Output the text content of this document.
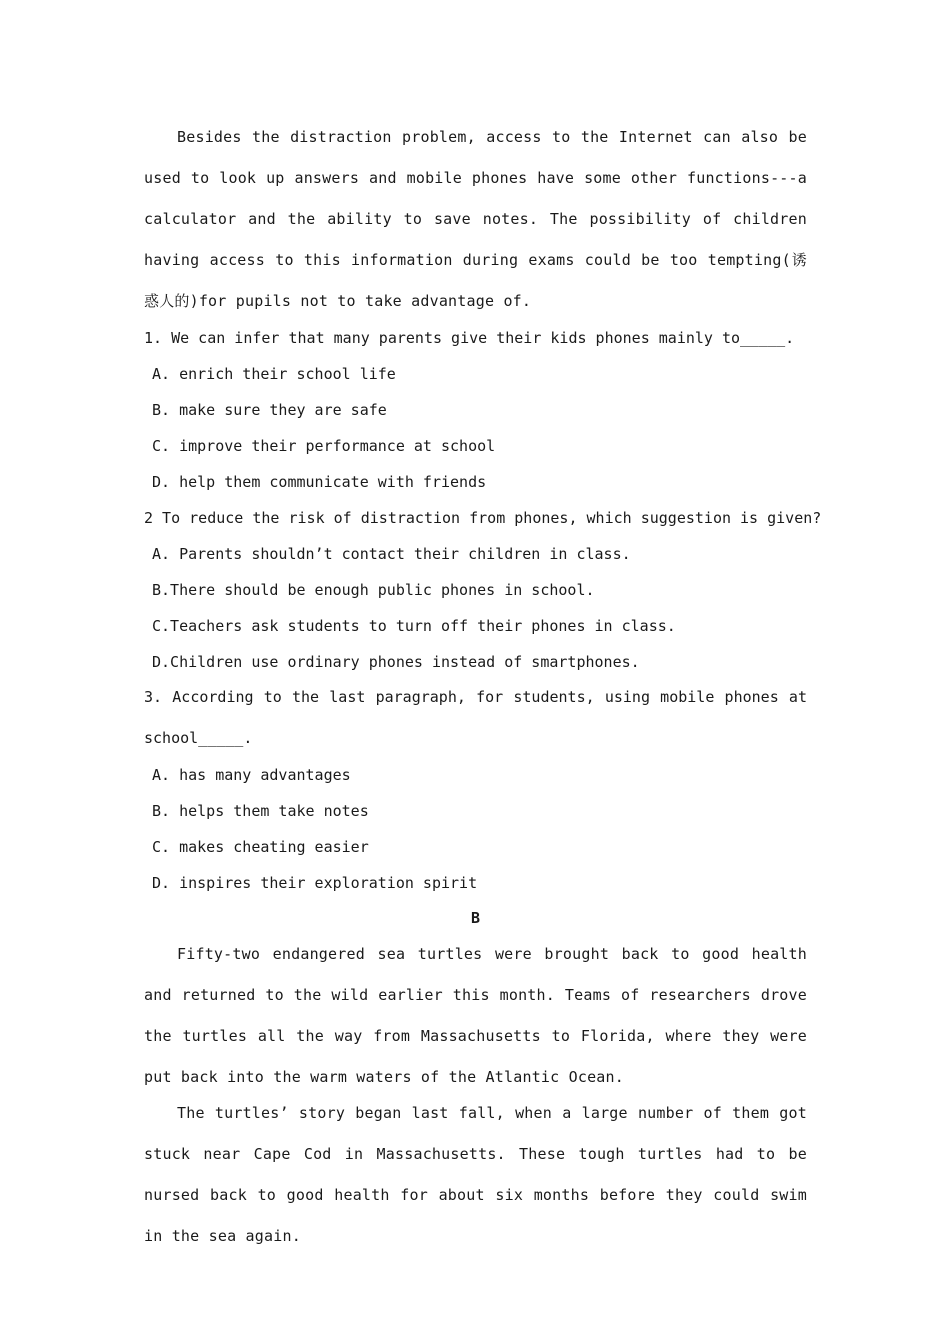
Besides the distraction problem, access to the Internet can also be used to look up answers and mobile phones have some other functions---a calculator and the ability to save notes. The possibility of children having access to this information during exams could be too tempting(诱惑人的)for pupils not to take advantage of.

1. We can infer that many parents give their kids phones mainly to_____.
A. enrich their school life
B. make sure they are safe
C. improve their performance at school
D. help them communicate with friends
2 To reduce the risk of distraction from phones, which suggestion is given?
A. Parents shouldn’t contact their children in class.
B.There should be enough public phones in school.
C.Teachers ask students to turn off their phones in class.
D.Children use ordinary phones instead of smartphones.

3. According to the last paragraph, for students, using mobile phones at school_____.

A. has many advantages
B. helps them take notes
C. makes cheating easier
D. inspires their exploration spirit
B

Fifty-two endangered sea turtles were brought back to good health and returned to the wild earlier this month. Teams of researchers drove the turtles all the way from Massachusetts to Florida, where they were put back into the warm waters of the Atlantic Ocean.

The turtles’ story began last fall, when a large number of them got stuck near Cape Cod in Massachusetts. These tough turtles had to be nursed back to good health for about six months before they could swim in the sea again.
